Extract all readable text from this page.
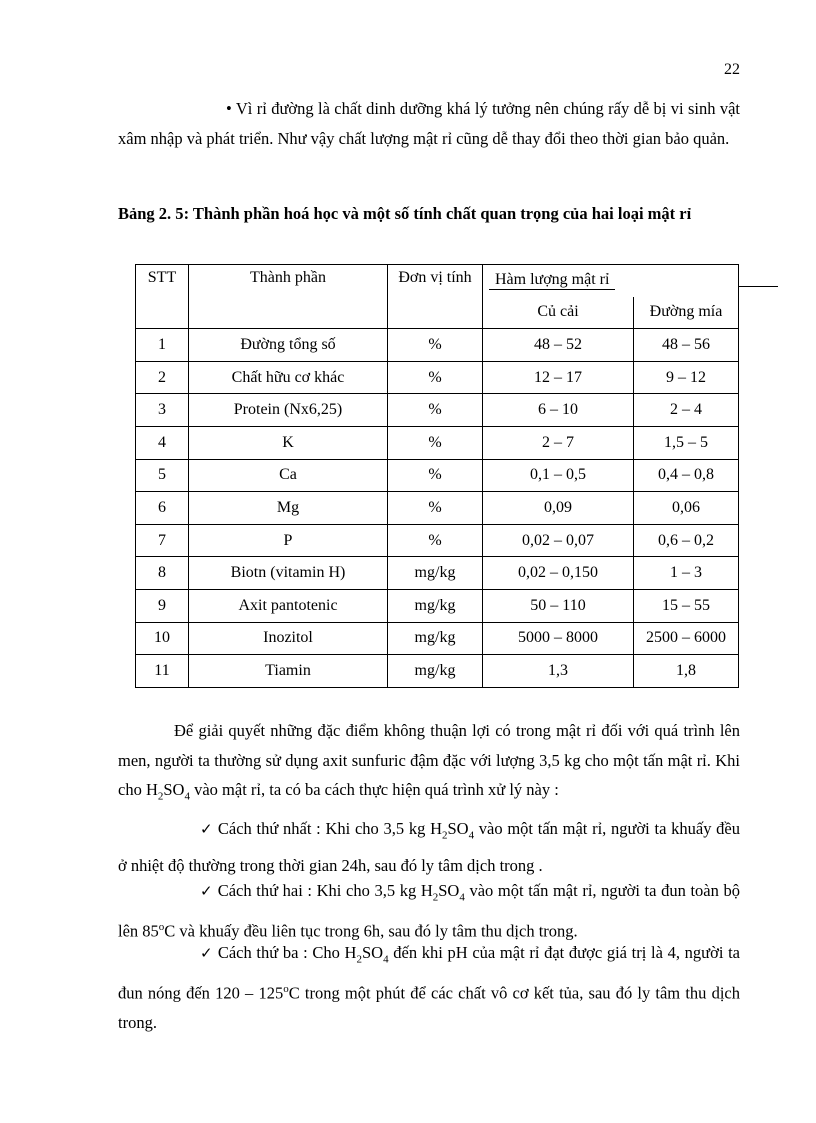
22

• Vì rỉ đường là chất dinh dưỡng khá lý tưởng nên chúng rấy dễ bị vi sinh vật xâm nhập và phát triển. Như vậy chất lượng mật rỉ cũng dễ thay đổi theo thời gian bảo quản.

Bảng 2. 5: Thành phần hoá học và một số tính chất quan trọng của hai loại mật rỉ

STT	Thành phần	Đơn vị tính	Hàm lượng mật rỉ	
			Củ cải	Đường mía
1	Đường tổng số	%	48 – 52	48 – 56
2	Chất hữu cơ khác	%	12 – 17	9 – 12
3	Protein (Nx6,25)	%	6 – 10	2 – 4
4	K	%	2 – 7	1,5 – 5
5	Ca	%	0,1 – 0,5	0,4 – 0,8
6	Mg	%	0,09	0,06
7	P	%	0,02 – 0,07	0,6 – 0,2
8	Biotn (vitamin H)	mg/kg	0,02 – 0,150	1 – 3
9	Axit pantotenic	mg/kg	50 – 110	15 – 55
10	Inozitol	mg/kg	5000 – 8000	2500 – 6000
11	Tiamin	mg/kg	1,3	1,8

Để giải quyết những đặc điểm không thuận lợi có trong mật rỉ đối với quá trình lên men, người ta thường sử dụng axit sunfuric đậm đặc với lượng 3,5 kg cho một tấn mật rỉ. Khi cho $H_2SO_4$ vào mật rỉ, ta có ba cách thực hiện quá trình xử lý này :

✓ Cách thứ nhất : Khi cho 3,5 kg $H_2SO_4$ vào một tấn mật rỉ, người ta khuấy đều ở nhiệt độ thường trong thời gian 24h, sau đó ly tâm dịch trong .

✓ Cách thứ hai : Khi cho 3,5 kg $H_2SO_4$ vào một tấn mật rỉ, người ta đun toàn bộ lên 85$^o$C và khuấy đều liên tục trong 6h, sau đó ly tâm thu dịch trong.

✓ Cách thứ ba : Cho $H_2SO_4$ đến khi pH của mật rỉ đạt được giá trị là 4, người ta đun nóng đến 120 – 125$^o$C trong một phút để các chất vô cơ kết tủa, sau đó ly tâm thu dịch trong.
